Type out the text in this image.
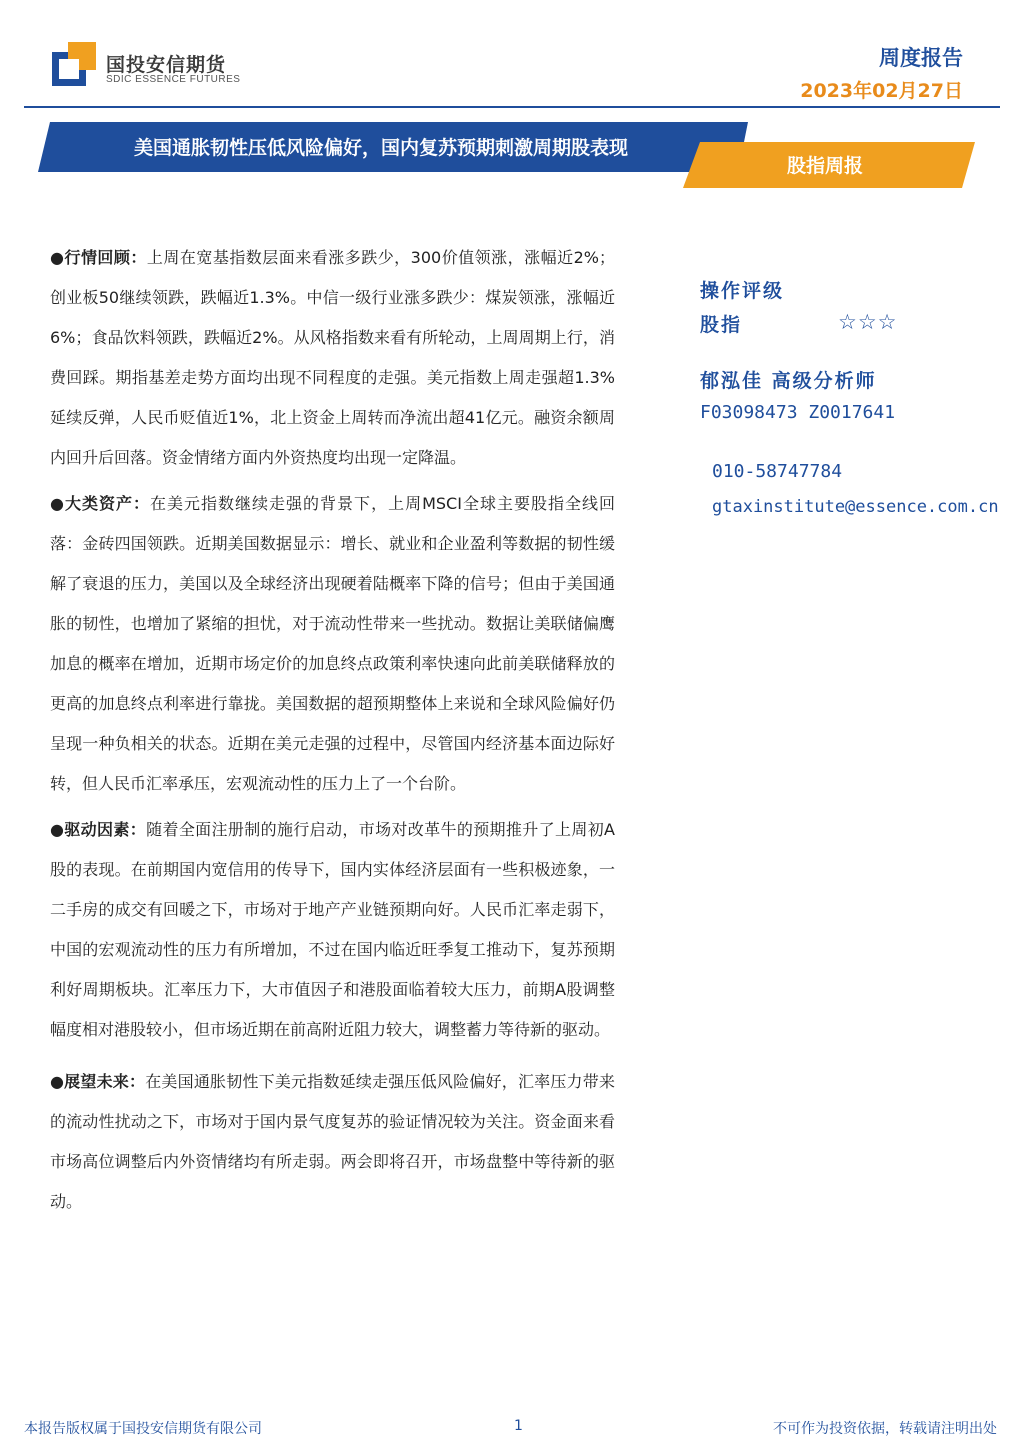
国投安信期货
SDIC ESSENCE FUTURES
周度报告
2023年02月27日
美国通胀韧性压低风险偏好，国内复苏预期刺激周期股表现
股指周报

●行情回顾：上周在宽基指数层面来看涨多跌少，300价值领涨，涨幅近2%；创业板50继续领跌，跌幅近1.3%。中信一级行业涨多跌少：煤炭领涨，涨幅近6%；食品饮料领跌，跌幅近2%。从风格指数来看有所轮动，上周周期上行，消费回踩。期指基差走势方面均出现不同程度的走强。美元指数上周走强超1.3%延续反弹，人民币贬值近1%，北上资金上周转而净流出超41亿元。融资余额周内回升后回落。资金情绪方面内外资热度均出现一定降温。

●大类资产：在美元指数继续走强的背景下，上周MSCI全球主要股指全线回落：金砖四国领跌。近期美国数据显示：增长、就业和企业盈利等数据的韧性缓解了衰退的压力，美国以及全球经济出现硬着陆概率下降的信号；但由于美国通胀的韧性，也增加了紧缩的担忧，对于流动性带来一些扰动。数据让美联储偏鹰加息的概率在增加，近期市场定价的加息终点政策利率快速向此前美联储释放的更高的加息终点利率进行靠拢。美国数据的超预期整体上来说和全球风险偏好仍呈现一种负相关的状态。近期在美元走强的过程中，尽管国内经济基本面边际好转，但人民币汇率承压，宏观流动性的压力上了一个台阶。

●驱动因素：随着全面注册制的施行启动，市场对改革牛的预期推升了上周初A股的表现。在前期国内宽信用的传导下，国内实体经济层面有一些积极迹象，一二手房的成交有回暖之下，市场对于地产产业链预期向好。人民币汇率走弱下，中国的宏观流动性的压力有所增加，不过在国内临近旺季复工推动下，复苏预期利好周期板块。汇率压力下，大市值因子和港股面临着较大压力，前期A股调整幅度相对港股较小，但市场近期在前高附近阻力较大，调整蓄力等待新的驱动。

●展望未来：在美国通胀韧性下美元指数延续走强压低风险偏好，汇率压力带来的流动性扰动之下，市场对于国内景气度复苏的验证情况较为关注。资金面来看市场高位调整后内外资情绪均有所走弱。两会即将召开，市场盘整中等待新的驱动。

操作评级
股指	☆☆☆
郁泓佳 高级分析师
F03098473 Z0017641
010-58747784
gtaxinstitute@essence.com.cn
本报告版权属于国投安信期货有限公司	1	不可作为投资依据，转载请注明出处
